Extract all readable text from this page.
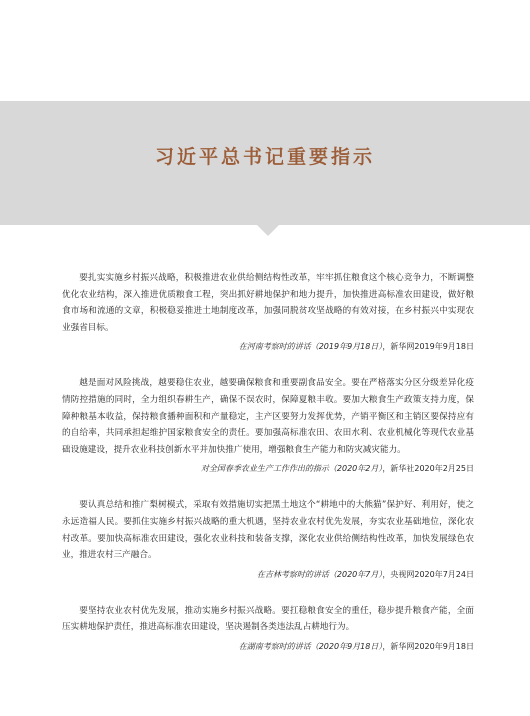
习近平总书记重要指示

要扎实实施乡村振兴战略，积极推进农业供给侧结构性改革，牢牢抓住粮食这个核心竞争力，不断调整优化农业结构，深入推进优质粮食工程，突出抓好耕地保护和地力提升，加快推进高标准农田建设，做好粮食市场和流通的文章，积极稳妥推进土地制度改革，加强同脱贫攻坚战略的有效对接，在乡村振兴中实现农业强省目标。

在河南考察时的讲话（2019年9月18日），新华网2019年9月18日

越是面对风险挑战，越要稳住农业，越要确保粮食和重要副食品安全。要在严格落实分区分级差异化疫情防控措施的同时，全力组织春耕生产，确保不误农时，保障夏粮丰收。要加大粮食生产政策支持力度，保障种粮基本收益，保持粮食播种面积和产量稳定，主产区要努力发挥优势，产销平衡区和主销区要保持应有的自给率，共同承担起维护国家粮食安全的责任。要加强高标准农田、农田水利、农业机械化等现代农业基础设施建设，提升农业科技创新水平并加快推广使用，增强粮食生产能力和防灾减灾能力。

对全国春季农业生产工作作出的指示（2020年2月），新华社2020年2月25日

要认真总结和推广梨树模式，采取有效措施切实把黑土地这个“耕地中的大熊猫”保护好、利用好，使之永远造福人民。要抓住实施乡村振兴战略的重大机遇，坚持农业农村优先发展，夯实农业基础地位，深化农村改革。要加快高标准农田建设，强化农业科技和装备支撑，深化农业供给侧结构性改革，加快发展绿色农业，推进农村三产融合。

在吉林考察时的讲话（2020年7月），央视网2020年7月24日

要坚持农业农村优先发展，推动实施乡村振兴战略。要扛稳粮食安全的重任，稳步提升粮食产能，全面压实耕地保护责任，推进高标准农田建设，坚决遏制各类违法乱占耕地行为。

在湖南考察时的讲话（2020年9月18日），新华网2020年9月18日
